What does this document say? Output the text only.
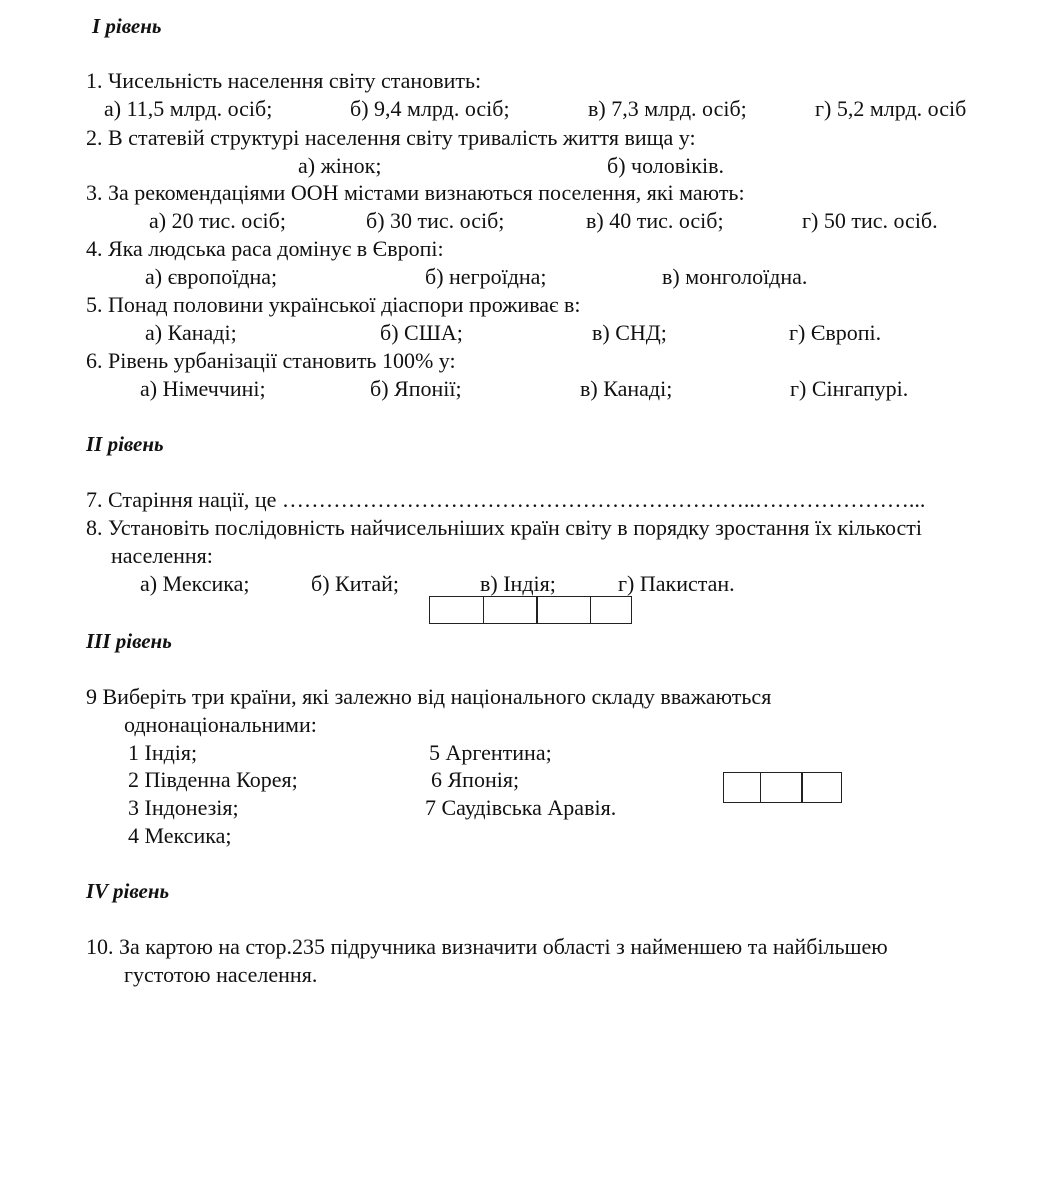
I рівень
1. Чисельність населення світу становить:
а) 11,5 млрд. осіб;	б) 9,4 млрд. осіб;	в) 7,3 млрд. осіб;	г) 5,2 млрд. осіб
2. В статевій структурі населення світу тривалість життя вища у:
а) жінок;	б) чоловіків.
3. За рекомендаціями ООН містами визнаються поселення, які мають:
а) 20 тис. осіб;	б) 30 тис. осіб;	в) 40 тис. осіб;	г) 50 тис. осіб.
4. Яка людська раса домінує в Європі:
а) європоїдна;	б) негроїдна;	в) монголоїдна.
5. Понад половини української діаспори проживає в:
а) Канаді;	б) США;	в) СНД;	г) Європі.
6. Рівень урбанізації становить 100% у:
а) Німеччині;	б) Японії;	в) Канаді;	г) Сінгапурі.
II рівень
7. Старіння нації, це ………………………………………………………..…………………...
8. Установіть послідовність найчисельніших країн світу в порядку зростання їх кількості
населення:
а) Мексика;	б) Китай;	в) Індія;	г) Пакистан.
III рівень
9 Виберіть три країни, які залежно від національного складу вважаються
однонаціональними:
1 Індія;
2 Південна Корея;
3 Індонезія;
4 Мексика;
5 Аргентина;
6 Японія;
7 Саудівська Аравія.
IV рівень
10. За картою на стор.235 підручника визначити області з найменшею та найбільшею
густотою населення.
